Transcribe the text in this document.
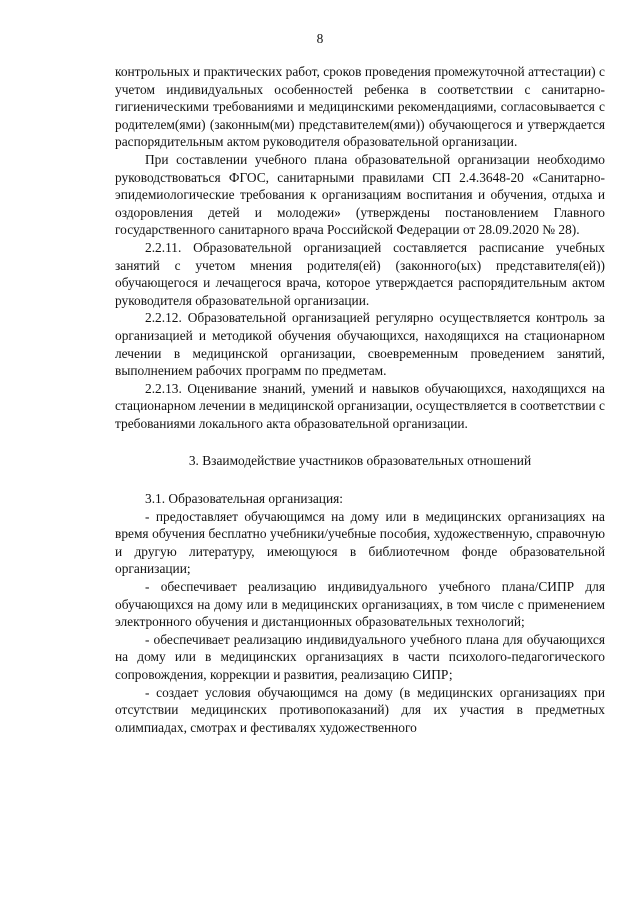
8

контрольных и практических работ, сроков проведения промежуточной аттестации) с учетом индивидуальных особенностей ребенка в соответствии с санитарно-гигиеническими требованиями и медицинскими рекомендациями, согласовывается с родителем(ями) (законным(ми) представителем(ями)) обучающегося и утверждается распорядительным актом руководителя образовательной организации.

При составлении учебного плана образовательной организации необходимо руководствоваться ФГОС, санитарными правилами СП 2.4.3648-20 «Санитарно-эпидемиологические требования к организациям воспитания и обучения, отдыха и оздоровления детей и молодежи» (утверждены постановлением Главного государственного санитарного врача Российской Федерации от 28.09.2020 № 28).

2.2.11. Образовательной организацией составляется расписание учебных занятий с учетом мнения родителя(ей) (законного(ых) представителя(ей)) обучающегося и лечащегося врача, которое утверждается распорядительным актом руководителя образовательной организации.

2.2.12. Образовательной организацией регулярно осуществляется контроль за организацией и методикой обучения обучающихся, находящихся на стационарном лечении в медицинской организации, своевременным проведением занятий, выполнением рабочих программ по предметам.

2.2.13. Оценивание знаний, умений и навыков обучающихся, находящихся на стационарном лечении в медицинской организации, осуществляется в соответствии с требованиями локального акта образовательной организации.

3. Взаимодействие участников образовательных отношений

3.1. Образовательная организация:

- предоставляет обучающимся на дому или в медицинских организациях на время обучения бесплатно учебники/учебные пособия, художественную, справочную и другую литературу, имеющуюся в библиотечном фонде образовательной организации;

- обеспечивает реализацию индивидуального учебного плана/СИПР для обучающихся на дому или в медицинских организациях, в том числе с применением электронного обучения и дистанционных образовательных технологий;

- обеспечивает реализацию индивидуального учебного плана для обучающихся на дому или в медицинских организациях в части психолого-педагогического сопровождения, коррекции и развития, реализацию СИПР;

- создает условия обучающимся на дому (в медицинских организациях при отсутствии медицинских противопоказаний) для их участия в предметных олимпиадах, смотрах и фестивалях художественного
